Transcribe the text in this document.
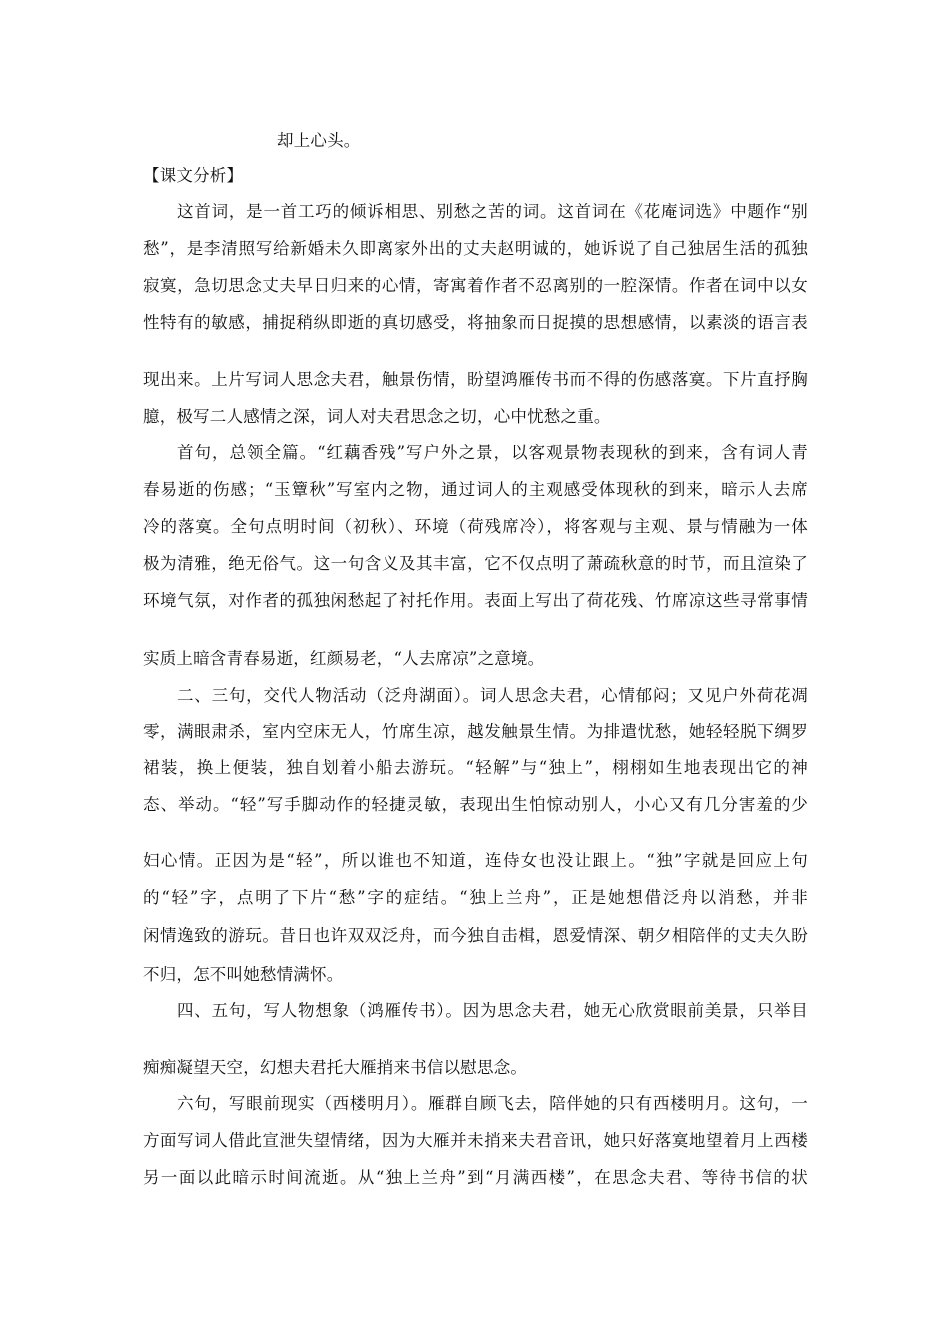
却上心头。
【课文分析】
这首词，是一首工巧的倾诉相思、别愁之苦的词。这首词在《花庵词选》中题作“别
愁”，是李清照写给新婚未久即离家外出的丈夫赵明诚的，她诉说了自己独居生活的孤独
寂寞，急切思念丈夫早日归来的心情，寄寓着作者不忍离别的一腔深情。作者在词中以女
性特有的敏感，捕捉稍纵即逝的真切感受，将抽象而日捉摸的思想感情，以素淡的语言表
现出来。上片写词人思念夫君，触景伤情，盼望鸿雁传书而不得的伤感落寞。下片直抒胸
臆，极写二人感情之深，词人对夫君思念之切，心中忧愁之重。
首句，总领全篇。“红藕香残”写户外之景，以客观景物表现秋的到来，含有词人青
春易逝的伤感；“玉簟秋”写室内之物，通过词人的主观感受体现秋的到来，暗示人去席
冷的落寞。全句点明时间（初秋）、环境（荷残席冷），将客观与主观、景与情融为一体
极为清雅，绝无俗气。这一句含义及其丰富，它不仅点明了萧疏秋意的时节，而且渲染了
环境气氛，对作者的孤独闲愁起了衬托作用。表面上写出了荷花残、竹席凉这些寻常事情
实质上暗含青春易逝，红颜易老，“人去席凉”之意境。
二、三句，交代人物活动（泛舟湖面）。词人思念夫君，心情郁闷；又见户外荷花凋
零，满眼肃杀，室内空床无人，竹席生凉，越发触景生情。为排遣忧愁，她轻轻脱下绸罗
裙装，换上便装，独自划着小船去游玩。“轻解”与“独上”，栩栩如生地表现出它的神
态、举动。“轻”写手脚动作的轻捷灵敏，表现出生怕惊动别人，小心又有几分害羞的少
妇心情。正因为是“轻”，所以谁也不知道，连侍女也没让跟上。“独”字就是回应上句
的“轻”字，点明了下片“愁”字的症结。“独上兰舟”，正是她想借泛舟以消愁，并非
闲情逸致的游玩。昔日也许双双泛舟，而今独自击楫，恩爱情深、朝夕相陪伴的丈夫久盼
不归，怎不叫她愁情满怀。
四、五句，写人物想象（鸿雁传书）。因为思念夫君，她无心欣赏眼前美景，只举目
痴痴凝望天空，幻想夫君托大雁捎来书信以慰思念。
六句，写眼前现实（西楼明月）。雁群自顾飞去，陪伴她的只有西楼明月。这句，一
方面写词人借此宣泄失望情绪，因为大雁并未捎来夫君音讯，她只好落寞地望着月上西楼
另一面以此暗示时间流逝。从“独上兰舟”到“月满西楼”，在思念夫君、等待书信的状
